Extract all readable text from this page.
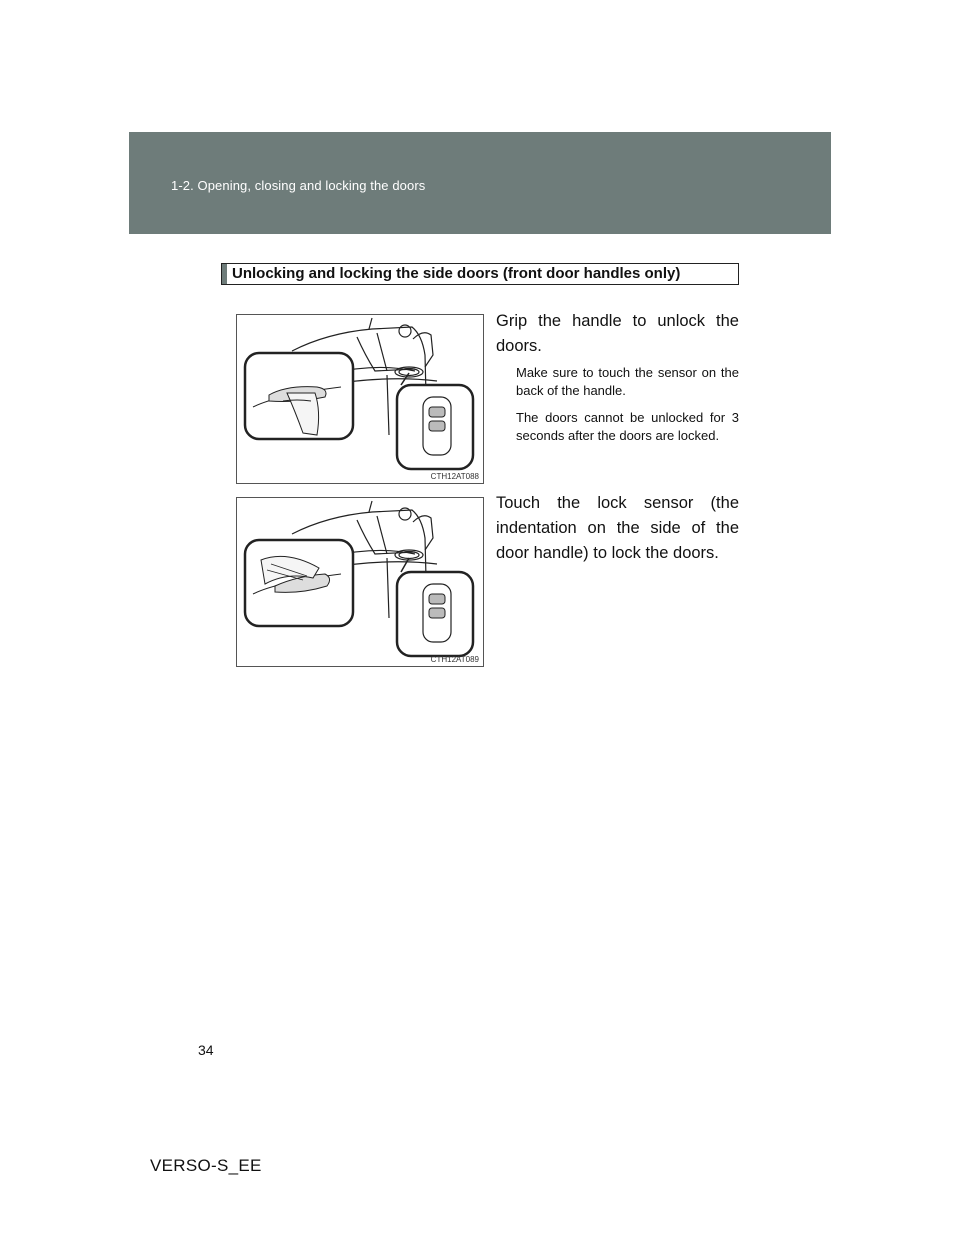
1-2. Opening, closing and locking the doors
Unlocking and locking the side doors (front door handles only)
CTH12AT088
Grip the handle to unlock the doors.
Make sure to touch the sensor on the back of the handle.
The doors cannot be unlocked for 3 seconds after the doors are locked.
CTH12AT089
Touch the lock sensor (the indentation on the side of the door handle) to lock the doors.
34
VERSO-S_EE
